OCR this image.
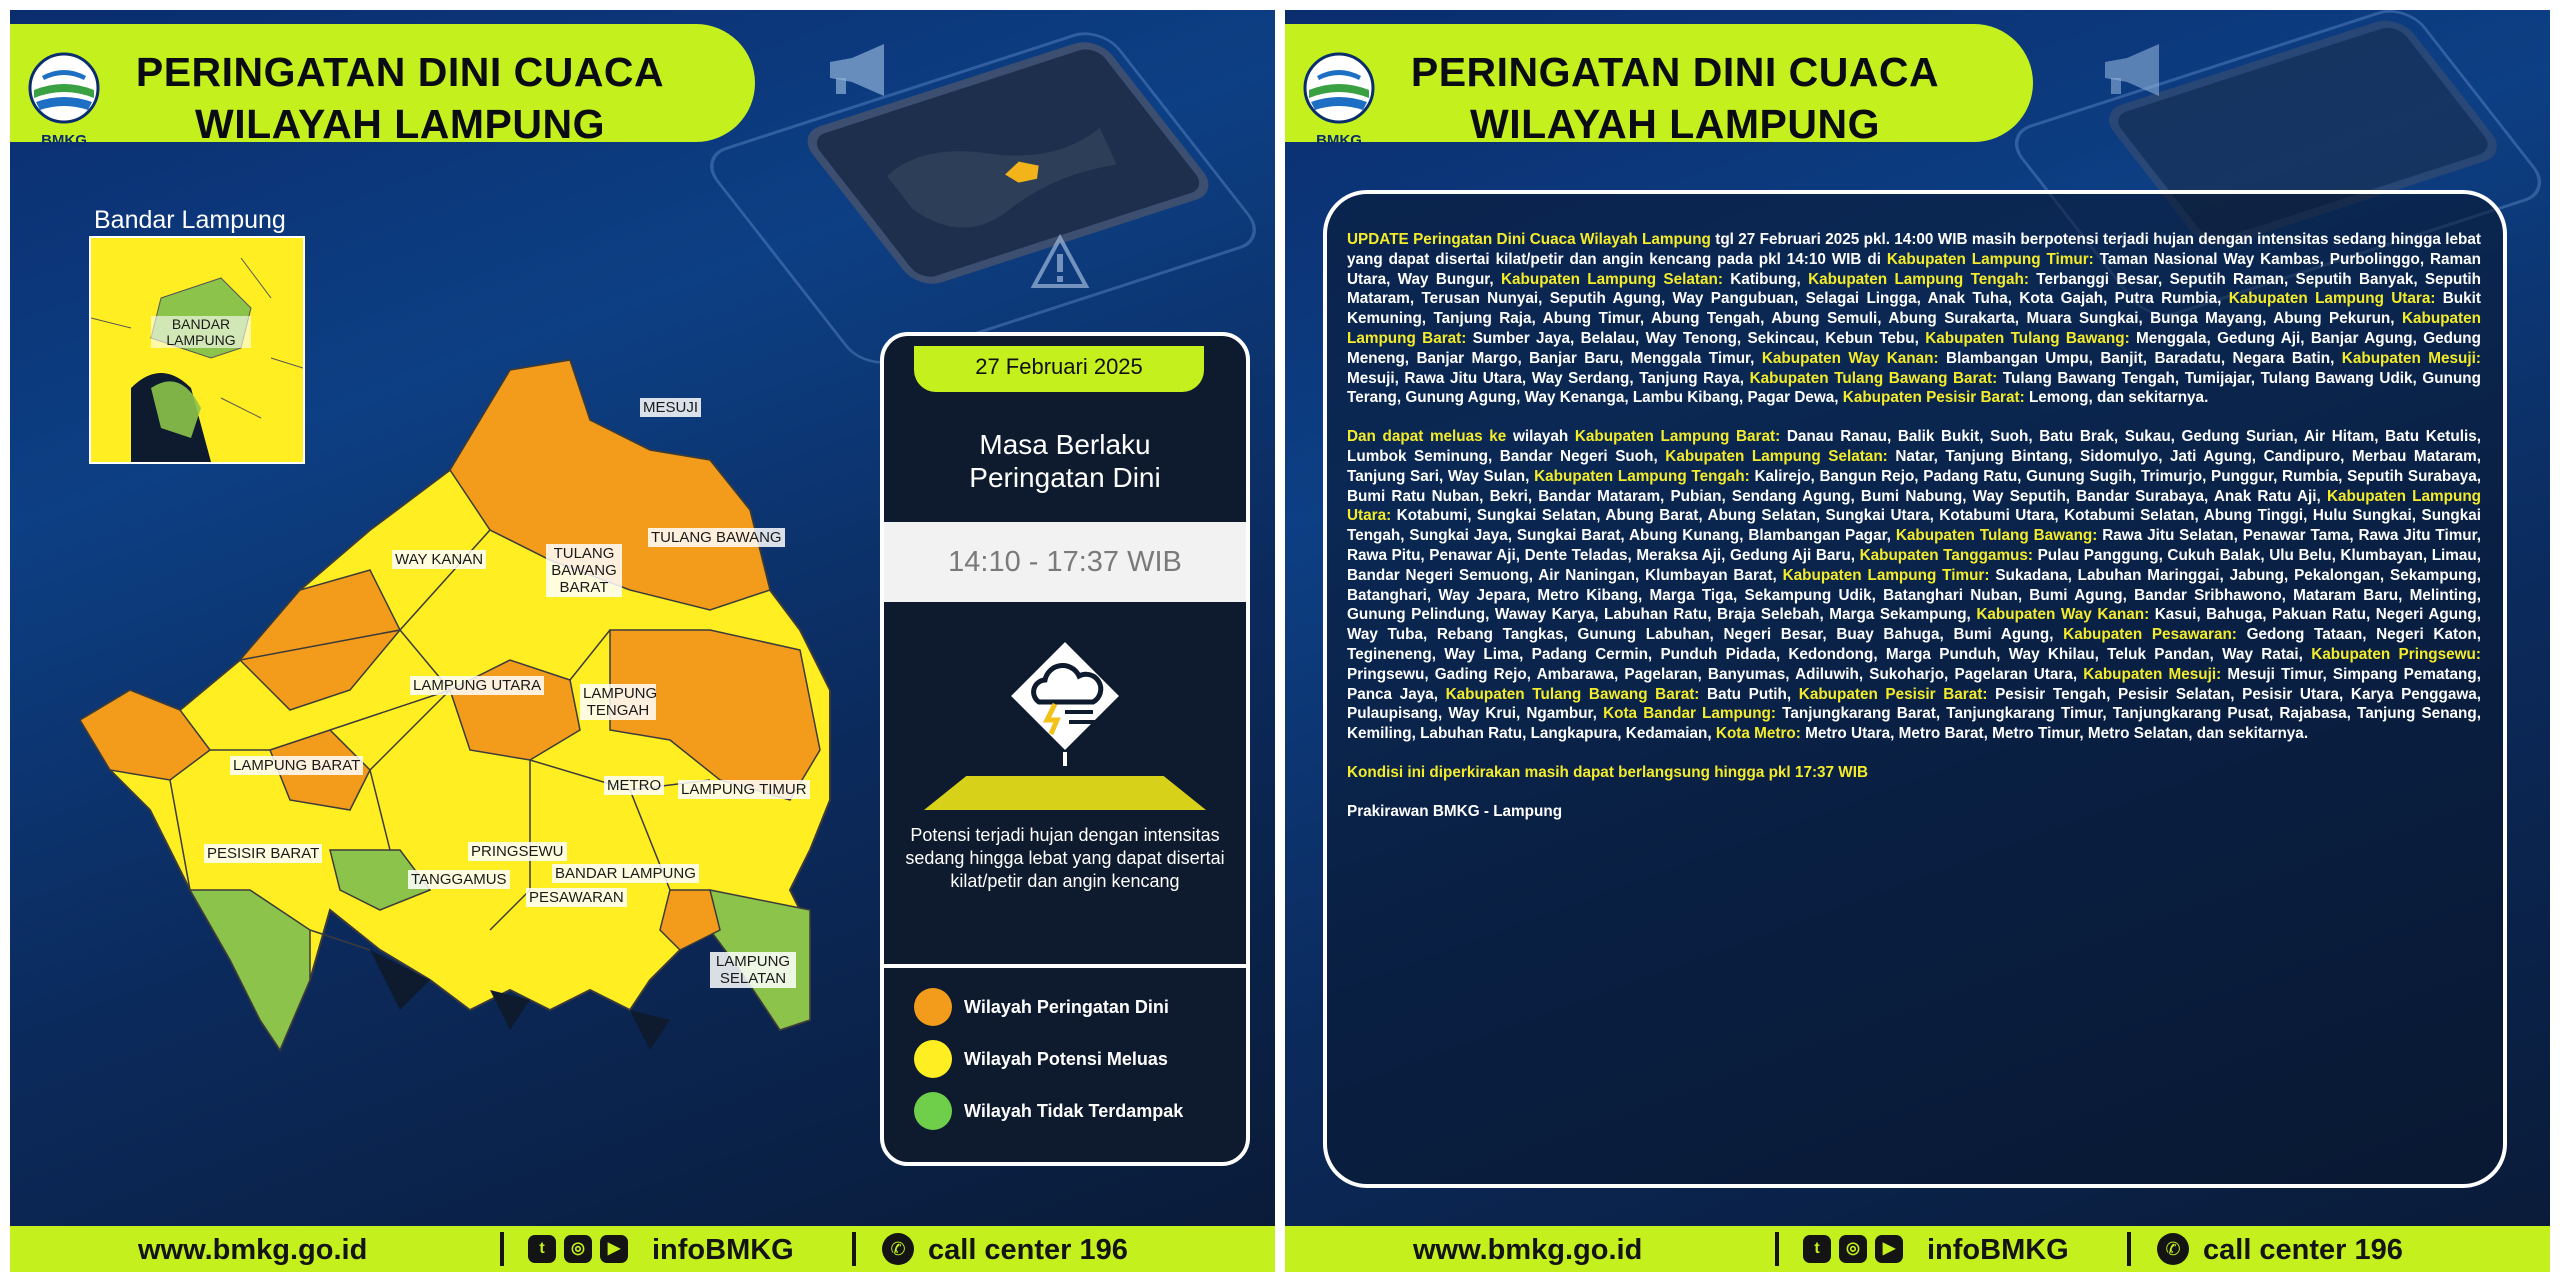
BMKG
PERINGATAN DINI CUACA
WILAYAH LAMPUNG
Bandar Lampung
BANDAR LAMPUNG
MESUJI
WAY KANAN	TULANG BAWANG BARAT
TULANG BAWANG
LAMPUNG UTARA	LAMPUNG TENGAH
LAMPUNG BARAT
METRO LAMPUNG TIMUR
PESISIR BARAT	PRINGSEWU
TANGGAMUS	BANDAR LAMPUNG
PESAWARAN
LAMPUNG SELATAN
27 Februari 2025
Masa Berlaku
Peringatan Dini
14:10 - 17:37 WIB
Potensi terjadi hujan dengan intensitas sedang hingga lebat yang dapat disertai kilat/petir dan angin kencang
Wilayah Peringatan Dini
Wilayah Potensi Meluas
Wilayah Tidak Terdampak
www.bmkg.go.id	t	◎	▶ infoBMKG	✆ call center 196
BMKG
PERINGATAN DINI CUACA
WILAYAH LAMPUNG

UPDATE Peringatan Dini Cuaca Wilayah Lampung tgl 27 Februari 2025 pkl. 14:00 WIB masih berpotensi terjadi hujan dengan intensitas sedang hingga lebat yang dapat disertai kilat/petir dan angin kencang pada pkl 14:10 WIB di Kabupaten Lampung Timur: Taman Nasional Way Kambas, Purbolinggo, Raman Utara, Way Bungur, Kabupaten Lampung Selatan: Katibung, Kabupaten Lampung Tengah: Terbanggi Besar, Seputih Raman, Seputih Banyak, Seputih Mataram, Terusan Nunyai, Seputih Agung, Way Pangubuan, Selagai Lingga, Anak Tuha, Kota Gajah, Putra Rumbia, Kabupaten Lampung Utara: Bukit Kemuning, Tanjung Raja, Abung Timur, Abung Tengah, Abung Semuli, Abung Surakarta, Muara Sungkai, Bunga Mayang, Abung Pekurun, Kabupaten Lampung Barat: Sumber Jaya, Belalau, Way Tenong, Sekincau, Kebun Tebu, Kabupaten Tulang Bawang: Menggala, Gedung Aji, Banjar Agung, Gedung Meneng, Banjar Margo, Banjar Baru, Menggala Timur, Kabupaten Way Kanan: Blambangan Umpu, Banjit, Baradatu, Negara Batin, Kabupaten Mesuji: Mesuji, Rawa Jitu Utara, Way Serdang, Tanjung Raya, Kabupaten Tulang Bawang Barat: Tulang Bawang Tengah, Tumijajar, Tulang Bawang Udik, Gunung Terang, Gunung Agung, Way Kenanga, Lambu Kibang, Pagar Dewa, Kabupaten Pesisir Barat: Lemong, dan sekitarnya.

Dan dapat meluas ke wilayah Kabupaten Lampung Barat: Danau Ranau, Balik Bukit, Suoh, Batu Brak, Sukau, Gedung Surian, Air Hitam, Batu Ketulis, Lumbok Seminung, Bandar Negeri Suoh, Kabupaten Lampung Selatan: Natar, Tanjung Bintang, Sidomulyo, Jati Agung, Candipuro, Merbau Mataram, Tanjung Sari, Way Sulan, Kabupaten Lampung Tengah: Kalirejo, Bangun Rejo, Padang Ratu, Gunung Sugih, Trimurjo, Punggur, Rumbia, Seputih Surabaya, Bumi Ratu Nuban, Bekri, Bandar Mataram, Pubian, Sendang Agung, Bumi Nabung, Way Seputih, Bandar Surabaya, Anak Ratu Aji, Kabupaten Lampung Utara: Kotabumi, Sungkai Selatan, Abung Barat, Abung Selatan, Sungkai Utara, Kotabumi Utara, Kotabumi Selatan, Abung Tinggi, Hulu Sungkai, Sungkai Tengah, Sungkai Jaya, Sungkai Barat, Abung Kunang, Blambangan Pagar, Kabupaten Tulang Bawang: Rawa Jitu Selatan, Penawar Tama, Rawa Jitu Timur, Rawa Pitu, Penawar Aji, Dente Teladas, Meraksa Aji, Gedung Aji Baru, Kabupaten Tanggamus: Pulau Panggung, Cukuh Balak, Ulu Belu, Klumbayan, Limau, Bandar Negeri Semuong, Air Naningan, Klumbayan Barat, Kabupaten Lampung Timur: Sukadana, Labuhan Maringgai, Jabung, Pekalongan, Sekampung, Batanghari, Way Jepara, Metro Kibang, Marga Tiga, Sekampung Udik, Batanghari Nuban, Bumi Agung, Bandar Sribhawono, Mataram Baru, Melinting, Gunung Pelindung, Waway Karya, Labuhan Ratu, Braja Selebah, Marga Sekampung, Kabupaten Way Kanan: Kasui, Bahuga, Pakuan Ratu, Negeri Agung, Way Tuba, Rebang Tangkas, Gunung Labuhan, Negeri Besar, Buay Bahuga, Bumi Agung, Kabupaten Pesawaran: Gedong Tataan, Negeri Katon, Tegineneng, Way Lima, Padang Cermin, Punduh Pidada, Kedondong, Marga Punduh, Way Khilau, Teluk Pandan, Way Ratai, Kabupaten Pringsewu: Pringsewu, Gading Rejo, Ambarawa, Pagelaran, Banyumas, Adiluwih, Sukoharjo, Pagelaran Utara, Kabupaten Mesuji: Mesuji Timur, Simpang Pematang, Panca Jaya, Kabupaten Tulang Bawang Barat: Batu Putih, Kabupaten Pesisir Barat: Pesisir Tengah, Pesisir Selatan, Pesisir Utara, Karya Penggawa, Pulaupisang, Way Krui, Ngambur, Kota Bandar Lampung: Tanjungkarang Barat, Tanjungkarang Timur, Tanjungkarang Pusat, Rajabasa, Tanjung Senang, Kemiling, Labuhan Ratu, Langkapura, Kedamaian, Kota Metro: Metro Utara, Metro Barat, Metro Timur, Metro Selatan, dan sekitarnya.

Kondisi ini diperkirakan masih dapat berlangsung hingga pkl 17:37 WIB

Prakirawan BMKG - Lampung

www.bmkg.go.id	t	◎	▶ infoBMKG	✆ call center 196
